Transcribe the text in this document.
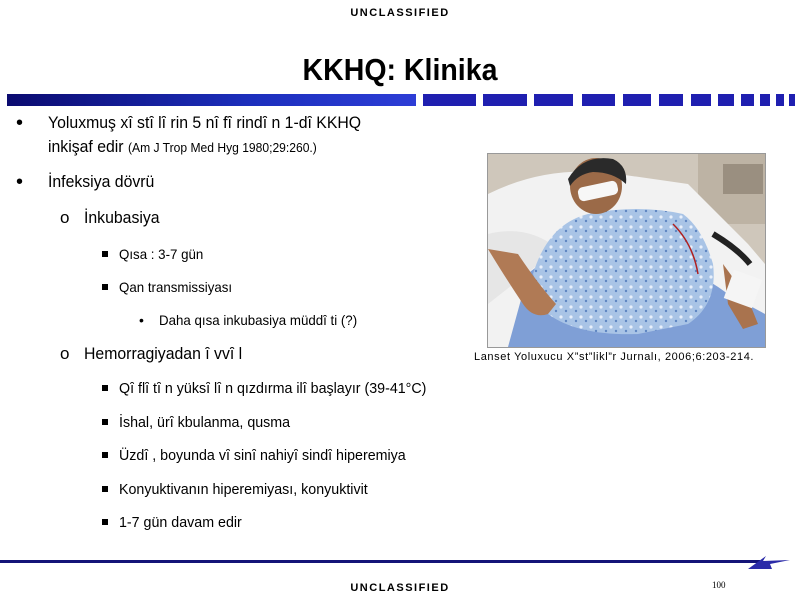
UNCLASSIFIED
KKHQ: Klinika
• Yoluxmuş xȋ stȋ lȋ rin 5 nȋ fȋ rindȋ n 1-dȋ KKHQ
inkişaf edir (Am J Trop Med Hyg 1980;29:260.)
• İnfeksiya dövrü
o İnkubasiya
Qısa : 3-7 gün
Qan transmissiyası
• Daha qısa inkubasiya müddȋ ti (?)
o Hemorragiyadan ȋ vvȋ l
Qȋ flȋ tȋ n yüksȋ lȋ n qızdırma ilȋ başlayır (39-41°C)
İshal, ürȋ kbulanma, qusma
Üzdȋ , boyunda vȋ sinȋ nahiyȋ sindȋ hiperemiya
Konyuktivanın hiperemiyası, konyuktivit
1-7 gün davam edir
Lanset Yoluxucu X”st”likl”r Jurnalı, 2006;6:203-214.
100
UNCLASSIFIED
